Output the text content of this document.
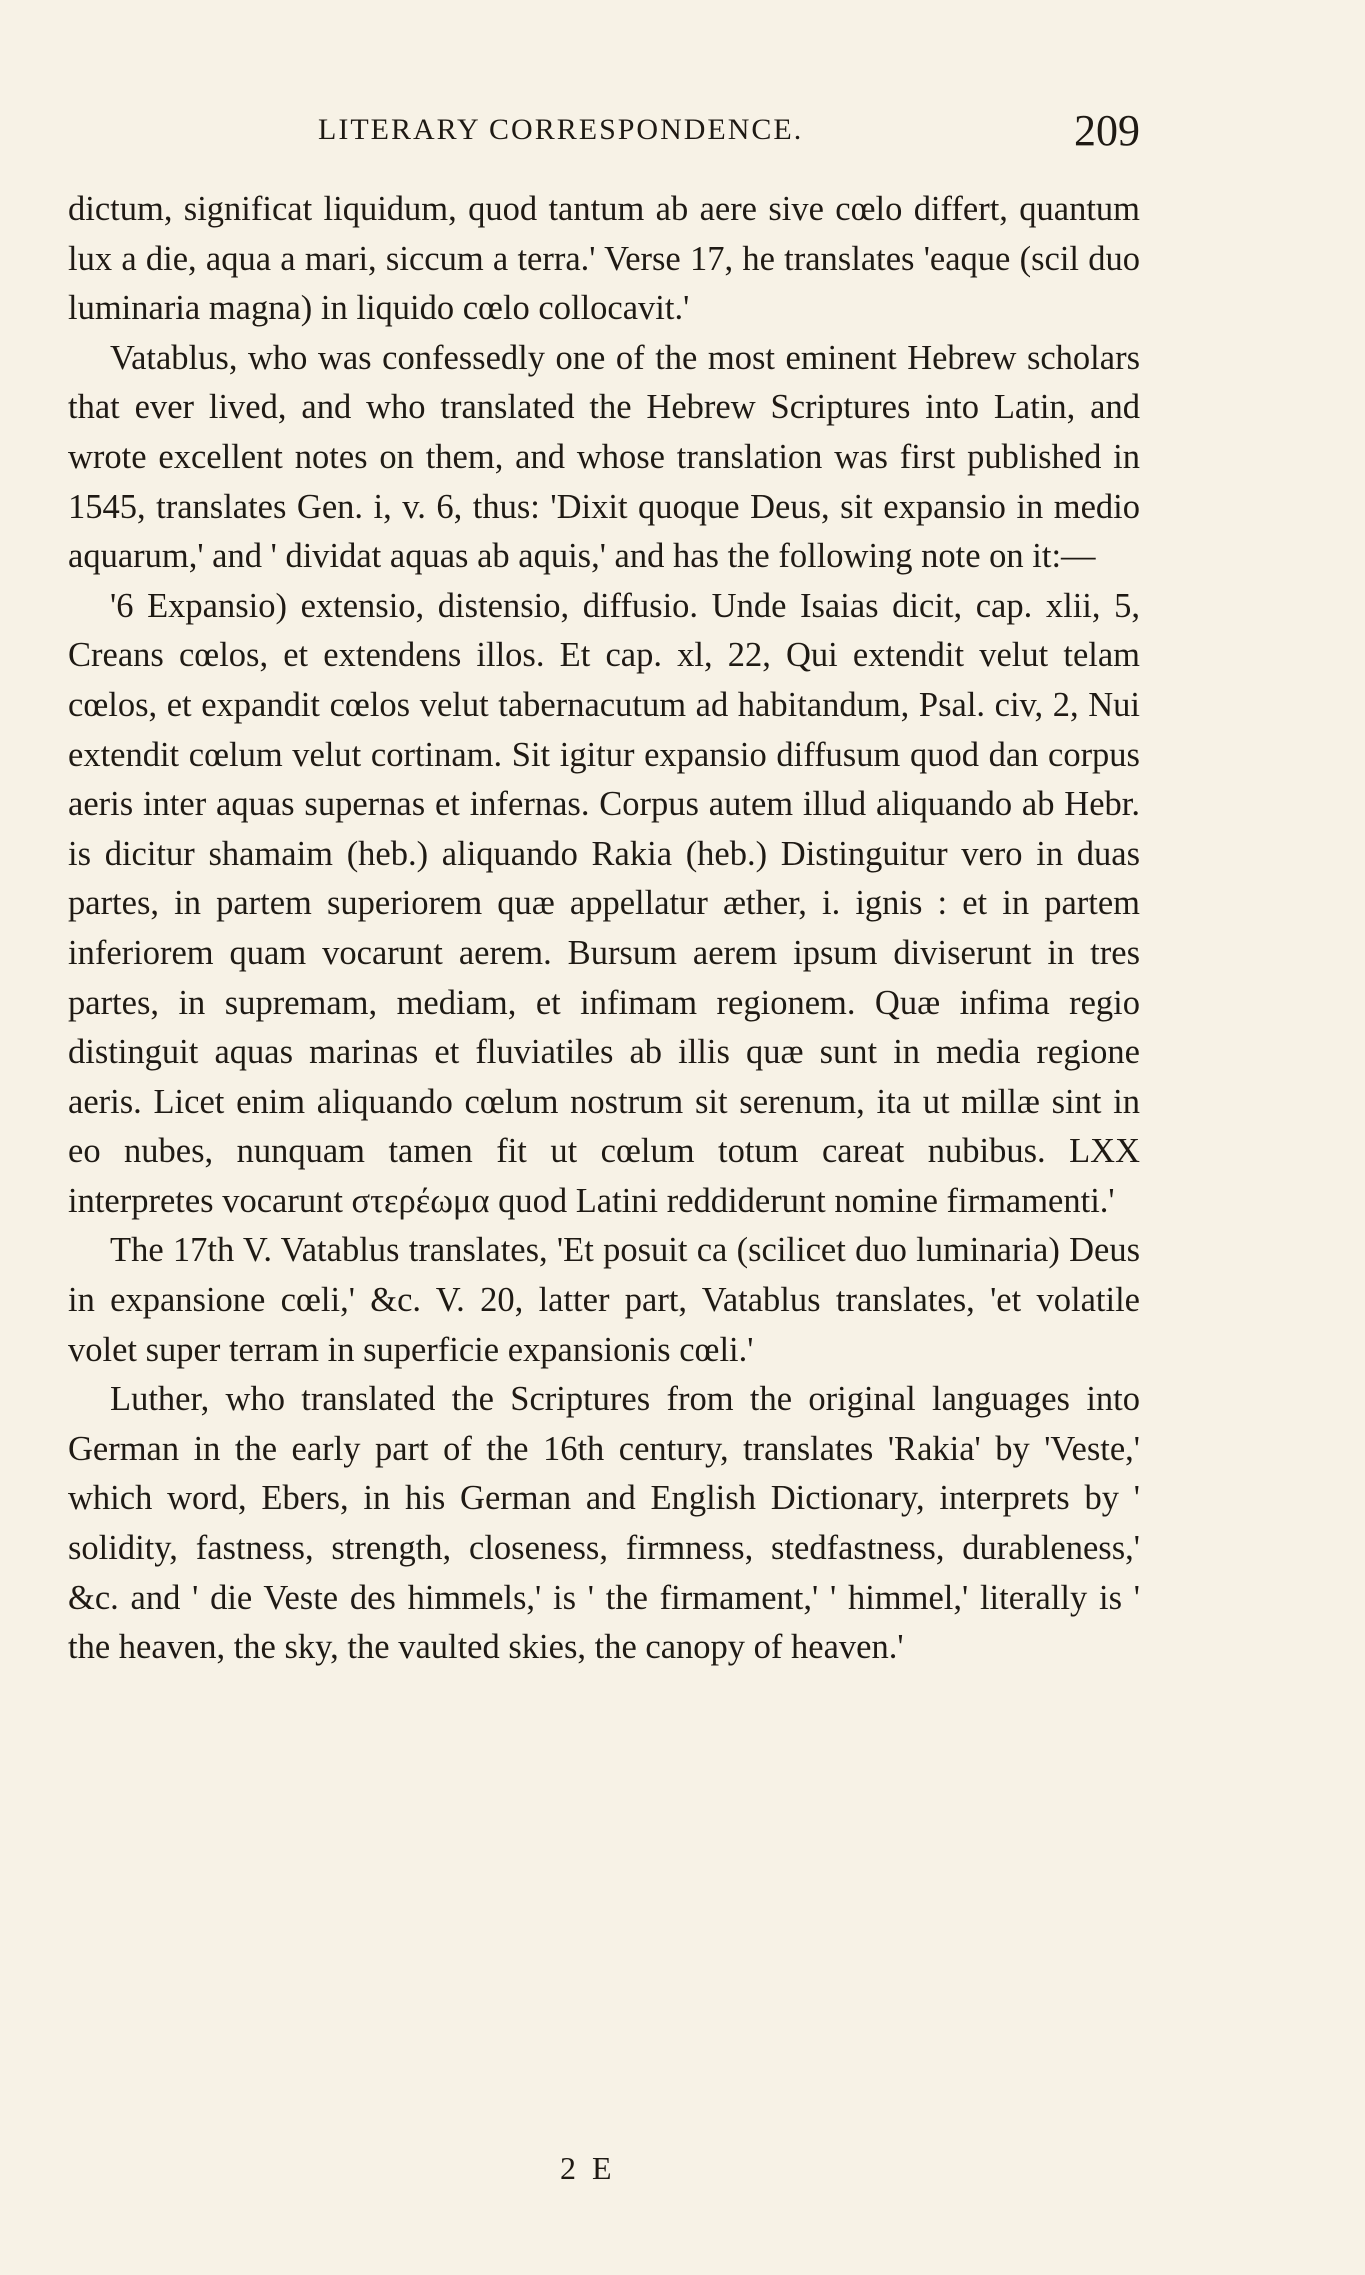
LITERARY CORRESPONDENCE.	209

dictum, significat liquidum, quod tantum ab aere sive cœlo differt, quantum lux a die, aqua a mari, siccum a terra.' Verse 17, he translates 'eaque (scil duo luminaria magna) in liquido cœlo collocavit.'

Vatablus, who was confessedly one of the most eminent Hebrew scholars that ever lived, and who translated the Hebrew Scriptures into Latin, and wrote excellent notes on them, and whose translation was first published in 1545, translates Gen. i, v. 6, thus: 'Dixit quoque Deus, sit expansio in medio aquarum,' and ' dividat aquas ab aquis,' and has the following note on it:—

'6 Expansio) extensio, distensio, diffusio. Unde Isaias dicit, cap. xlii, 5, Creans cœlos, et extendens illos. Et cap. xl, 22, Qui extendit velut telam cœlos, et expandit cœlos velut tabernacutum ad habitandum, Psal. civ, 2, Nui extendit cœlum velut cortinam. Sit igitur expansio diffusum quod dan corpus aeris inter aquas supernas et infernas. Corpus autem illud aliquando ab Hebr. is dicitur shamaim (heb.) aliquando Rakia (heb.) Distinguitur vero in duas partes, in partem superiorem quæ appellatur æther, i. ignis : et in partem inferiorem quam vocarunt aerem. Bursum aerem ipsum diviserunt in tres partes, in supremam, mediam, et infimam regionem. Quæ infima regio distinguit aquas marinas et fluviatiles ab illis quæ sunt in media regione aeris. Licet enim aliquando cœlum nostrum sit serenum, ita ut millæ sint in eo nubes, nunquam tamen fit ut cœlum totum careat nubibus. LXX interpretes vocarunt στερέωμα quod Latini reddiderunt nomine firmamenti.'

The 17th V. Vatablus translates, 'Et posuit ca (scilicet duo luminaria) Deus in expansione cœli,' &c. V. 20, latter part, Vatablus translates, 'et volatile volet super terram in superficie expansionis cœli.'

Luther, who translated the Scriptures from the original languages into German in the early part of the 16th century, translates 'Rakia' by 'Veste,' which word, Ebers, in his German and English Dictionary, interprets by ' solidity, fastness, strength, closeness, firmness, stedfastness, durableness,' &c. and ' die Veste des himmels,' is ' the firmament,' ' himmel,' literally is ' the heaven, the sky, the vaulted skies, the canopy of heaven.'

2 E
